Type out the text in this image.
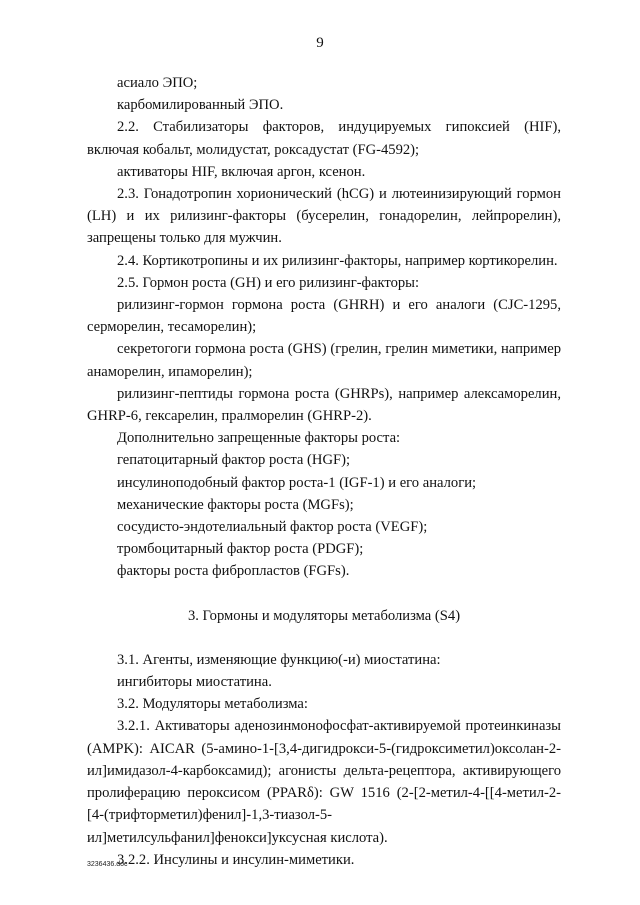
9

асиало ЭПО;

карбомилированный ЭПО.

2.2. Стабилизаторы факторов, индуцируемых гипоксией (HIF), включая кобальт, молидустат, роксадустат (FG-4592);

активаторы HIF, включая аргон, ксенон.

2.3. Гонадотропин хорионический (hCG) и лютеинизирующий гормон (LH) и их рилизинг-факторы (бусерелин, гонадорелин, лейпрорелин), запрещены только для мужчин.

2.4. Кортикотропины и их рилизинг-факторы, например кортикорелин.

2.5. Гормон роста (GH) и его рилизинг-факторы:

рилизинг-гормон гормона роста (GHRH) и его аналоги (CJC-1295, серморелин, тесаморелин);

секретогоги гормона роста (GHS) (грелин, грелин миметики, например анаморелин, ипаморелин);

рилизинг-пептиды гормона роста (GHRPs), например алексаморелин, GHRP-6, гексарелин, пралморелин (GHRP-2).

Дополнительно запрещенные факторы роста:

гепатоцитарный фактор роста (HGF);

инсулиноподобный фактор роста-1 (IGF-1) и его аналоги;

механические факторы роста (MGFs);

сосудисто-эндотелиальный фактор роста (VEGF);

тромбоцитарный фактор роста (PDGF);

факторы роста фибропластов (FGFs).

3. Гормоны и модуляторы метаболизма (S4)

3.1. Агенты, изменяющие функцию(-и) миостатина:

ингибиторы миостатина.

3.2. Модуляторы метаболизма:

3.2.1. Активаторы аденозинмонофосфат-активируемой протеинкиназы (AMPK): AICAR (5-амино-1-[3,4-дигидрокси-5-(гидроксиметил)оксолан-2-ил]имидазол-4-карбоксамид); агонисты дельта-рецептора, активирующего пролиферацию пероксисом (PPARδ): GW 1516 (2-[2-метил-4-[[4-метил-2-[4-(трифторметил)фенил]-1,3-тиазол-5-ил]метилсульфанил]фенокси]уксусная кислота).

3.2.2. Инсулины и инсулин-миметики.

3236436.doc
